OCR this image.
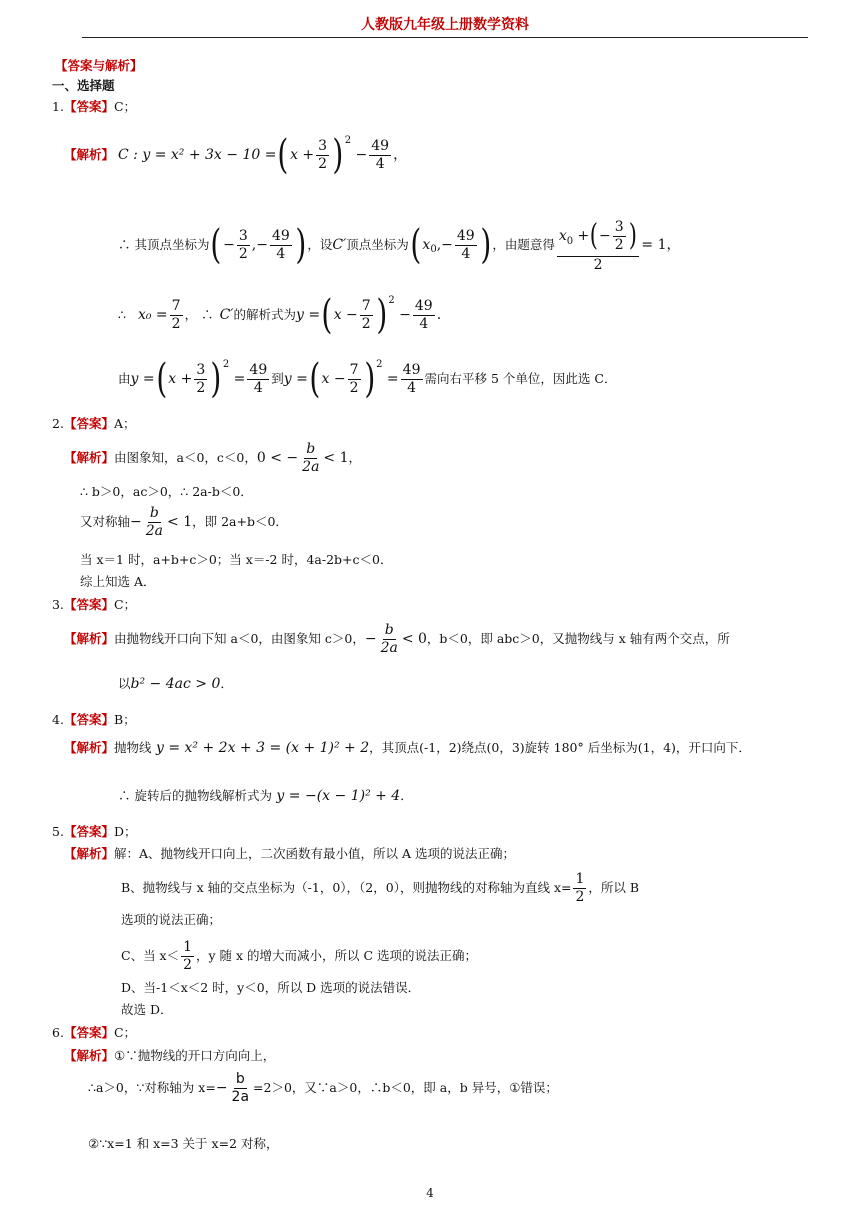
人教版九年级上册数学资料
【答案与解析】
一、选择题
1. 【答案】 C；
【解析】 C : y = x² + 3x − 10 = ( $x + \frac{3}{2}$ ) 2

− $\frac{49}{4}$ ，
∴ 其顶点坐标为 ( − $\frac{3}{2}$ ,− $\frac{49}{4}$ ) ，设 C′ 顶点坐标为 ( x 0 ,− $\frac{49}{4}$ ) ，由题意得 $\frac{x 0 + ( - \frac{3}{2} )}{2} = 1$，
∴ $x_0 = \frac{7}{2}$ ， ∴ C′ 的解析式为 y = ( $x - \frac{7}{2}$ ) 2
− $\frac{49}{4}$ .
由 y = ( $x + \frac{3}{2}$ ) 2
= $\frac{49}{4}$ 到 y = ( $x - \frac{7}{2}$ ) 2
= $\frac{49}{4}$ 需向右平移 5 个单位，因此选 C．
2. 【答案】 A；
【解析】 由图象知，a＜0，c＜0， 0 < − $\frac{b}{2a} < 1$ ，
∴ b＞0，ac＞0，∴ 2a-b＜0．
又对称轴 − $\frac{b}{2a} < 1$ ，即 2a+b＜0．
当 x＝1 时，a+b+c＞0；当 x＝-2 时，4a-2b+c＜0．
综上知选 A．
3. 【答案】 C；
【解析】 由抛物线开口向下知 a＜0，由图象知 c＞0， − $\frac{b}{2a} < 0$ ，b＜0，即 abc＞0，又抛物线与 x 轴有两个交点，所
以 b² − 4ac > 0 ．
4. 【答案】 B；
【解析】 抛物线 y = x² + 2x + 3 = (x + 1)² + 2 ，其顶点(-1，2)绕点(0，3)旋转 180° 后坐标为(1，4)，开口向下．
∴ 旋转后的抛物线解析式为 y = −(x − 1)² + 4 ．
5. 【答案】 D；
【解析】 解：A、抛物线开口向上，二次函数有最小值，所以 A 选项的说法正确；
B、抛物线与 x 轴的交点坐标为（-1，0），（2，0），则抛物线的对称轴为直线 $x= \frac{1}{2}$ ，所以 B
选项的说法正确；
C、当 $x< \frac{1}{2}$ ，y 随 x 的增大而减小，所以 C 选项的说法正确；
D、当-1＜x＜2 时，y＜0，所以 D 选项的说法错误．
故选 D．
6. 【答案】 C；
【解析】 ① ∵抛物线的开口方向向上，
∴a＞0，∵对称轴为 $x= - \frac{b}{2a} =2>0$，又∵a＞0，∴b＜0，即 a，b 异号， ① 错误；
② ∵x=1 和 x=3 关于 x=2 对称，
4
